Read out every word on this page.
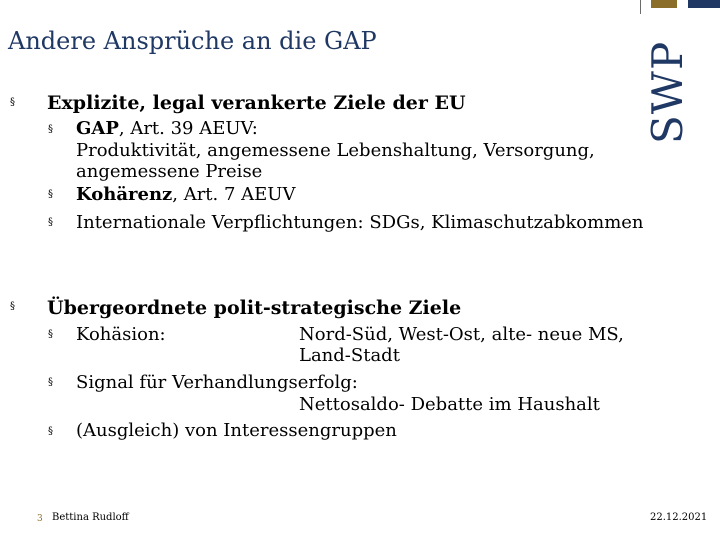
Andere Ansprüche an die GAP	SWP
§ Explizite, legal verankerte Ziele der EU
§ GAP, Art. 39 AEUV:
Produktivität, angemessene Lebenshaltung, Versorgung,
angemessene Preise
§ Kohärenz, Art. 7 AEUV
§ Internationale Verpflichtungen: SDGs, Klimaschutzabkommen
§ Übergeordnete polit-strategische Ziele
§ Kohäsion:	Nord-Süd, West-Ost, alte- neue MS,
Land-Stadt
§ Signal für Verhandlungserfolg:
Nettosaldo- Debatte im Haushalt
§ (Ausgleich) von Interessengruppen
3 Bettina Rudloff	22.12.2021
